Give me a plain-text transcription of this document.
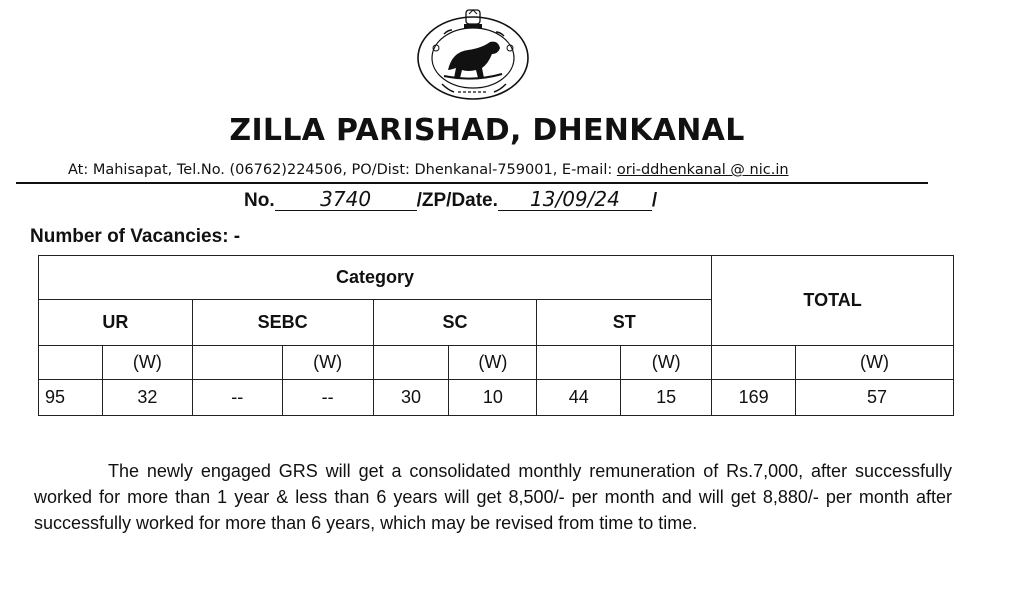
ZILLA PARISHAD, DHENKANAL
At: Mahisapat, Tel.No. (06762)224506, PO/Dist: Dhenkanal-759001, E-mail: ori-ddhenkanal @ nic.in
No. 3740 /ZP/Date. 13/09/24 /
Number of Vacancies: -
Category								TOTAL	
UR		SEBC		SC		ST			
	(W)		(W)		(W)		(W)		(W)
95	32	--	--	30	10	44	15	169	57
The newly engaged GRS will get a consolidated monthly remuneration of Rs.7,000, after successfully worked for more than 1 year & less than 6 years will get 8,500/- per month and will get 8,880/- per month after successfully worked for more than 6 years, which may be revised from time to time.
